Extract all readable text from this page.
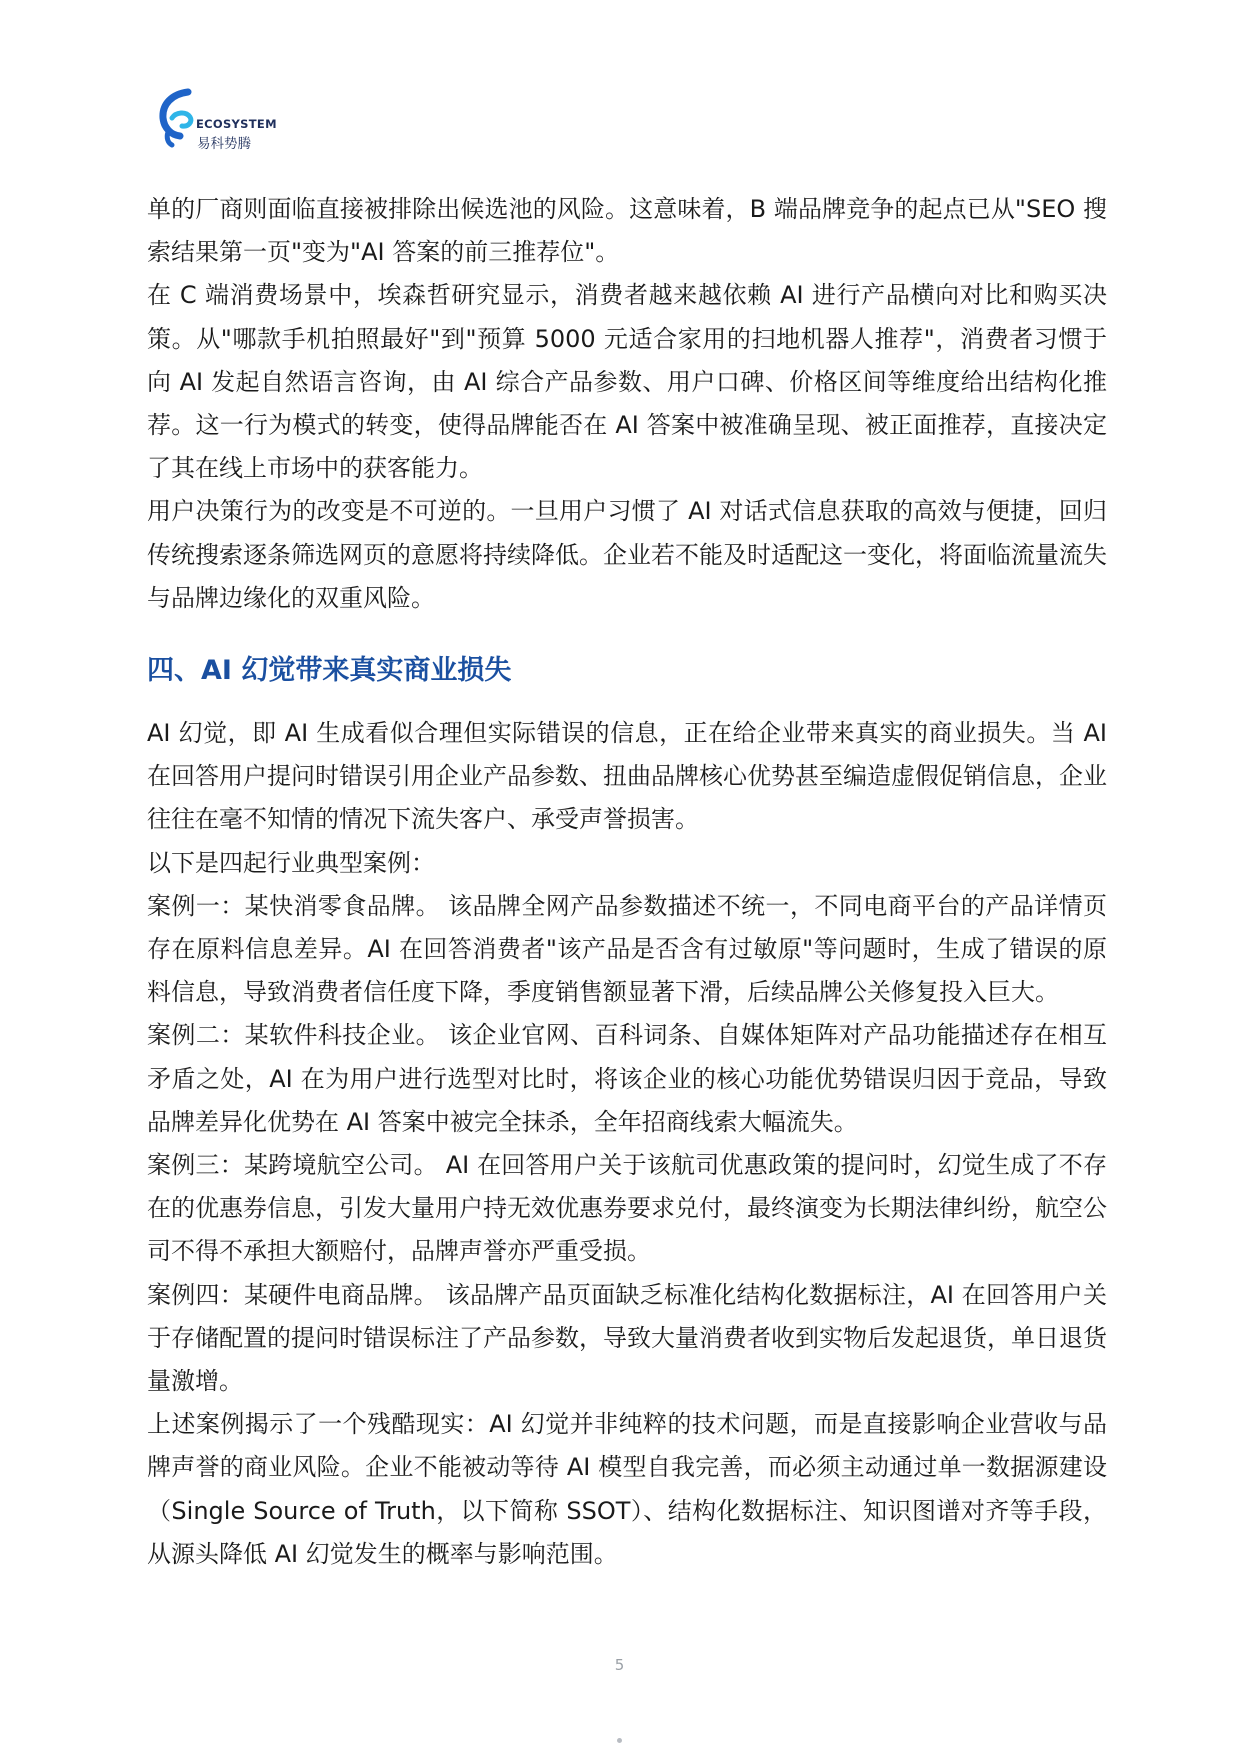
ECOSYSTEM
易科势腾

单的厂商则面临直接被排除出候选池的风险。这意味着，B 端品牌竞争的起点已从"SEO 搜索结果第一页"变为"AI 答案的前三推荐位"。

在 C 端消费场景中，埃森哲研究显示，消费者越来越依赖 AI 进行产品横向对比和购买决策。从"哪款手机拍照最好"到"预算 5000 元适合家用的扫地机器人推荐"，消费者习惯于向 AI 发起自然语言咨询，由 AI 综合产品参数、用户口碑、价格区间等维度给出结构化推荐。这一行为模式的转变，使得品牌能否在 AI 答案中被准确呈现、被正面推荐，直接决定了其在线上市场中的获客能力。

用户决策行为的改变是不可逆的。一旦用户习惯了 AI 对话式信息获取的高效与便捷，回归传统搜索逐条筛选网页的意愿将持续降低。企业若不能及时适配这一变化，将面临流量流失与品牌边缘化的双重风险。

四、AI 幻觉带来真实商业损失

AI 幻觉，即 AI 生成看似合理但实际错误的信息，正在给企业带来真实的商业损失。当 AI 在回答用户提问时错误引用企业产品参数、扭曲品牌核心优势甚至编造虚假促销信息，企业往往在毫不知情的情况下流失客户、承受声誉损害。

以下是四起行业典型案例：

案例一：某快消零食品牌。 该品牌全网产品参数描述不统一，不同电商平台的产品详情页存在原料信息差异。AI 在回答消费者"该产品是否含有过敏原"等问题时，生成了错误的原料信息，导致消费者信任度下降，季度销售额显著下滑，后续品牌公关修复投入巨大。

案例二：某软件科技企业。 该企业官网、百科词条、自媒体矩阵对产品功能描述存在相互矛盾之处，AI 在为用户进行选型对比时，将该企业的核心功能优势错误归因于竞品，导致品牌差异化优势在 AI 答案中被完全抹杀，全年招商线索大幅流失。

案例三：某跨境航空公司。 AI 在回答用户关于该航司优惠政策的提问时，幻觉生成了不存在的优惠券信息，引发大量用户持无效优惠券要求兑付，最终演变为长期法律纠纷，航空公司不得不承担大额赔付，品牌声誉亦严重受损。

案例四：某硬件电商品牌。 该品牌产品页面缺乏标准化结构化数据标注，AI 在回答用户关于存储配置的提问时错误标注了产品参数，导致大量消费者收到实物后发起退货，单日退货量激增。

上述案例揭示了一个残酷现实：AI 幻觉并非纯粹的技术问题，而是直接影响企业营收与品牌声誉的商业风险。企业不能被动等待 AI 模型自我完善，而必须主动通过单一数据源建设（Single Source of Truth，以下简称 SSOT）、结构化数据标注、知识图谱对齐等手段，从源头降低 AI 幻觉发生的概率与影响范围。

5
